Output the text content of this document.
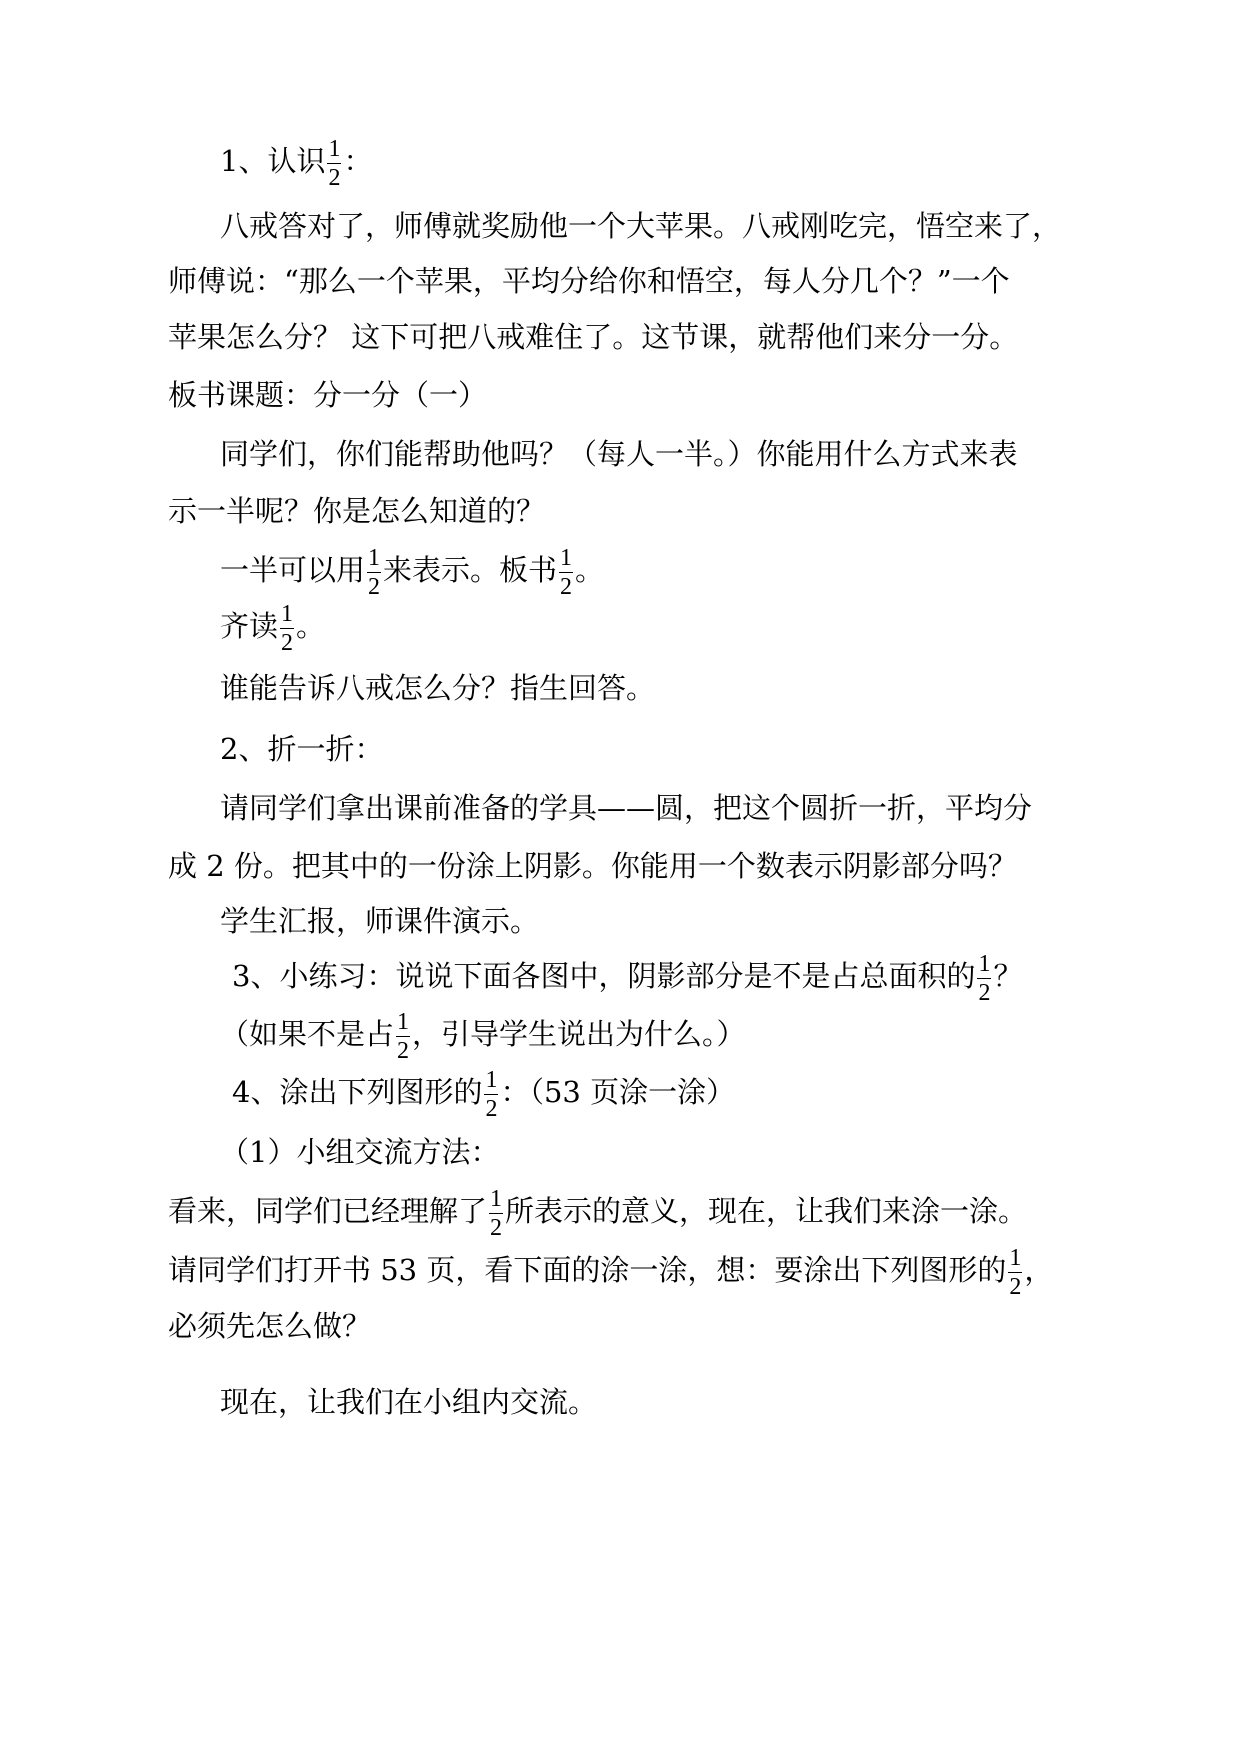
1、认识 $\frac{1}{2}$ ：
八戒答对了，师傅就奖励他一个大苹果。八戒刚吃完，悟空来了，
师傅说：“那么一个苹果，平均分给你和悟空，每人分几个？”一个
苹果怎么分？ 这下可把八戒难住了。这节课，就帮他们来分一分。
板书课题：分一分（一）
同学们，你们能帮助他吗？（每人一半。）你能用什么方式来表
示一半呢？你是怎么知道的？
一半可以用 $\frac{1}{2}$ 来表示。板书 $\frac{1}{2}$ 。
齐读 $\frac{1}{2}$ 。
谁能告诉八戒怎么分？指生回答。
2、折一折：
请同学们拿出课前准备的学具——圆，把这个圆折一折，平均分
成 2 份。把其中的一份涂上阴影。你能用一个数表示阴影部分吗？
学生汇报，师课件演示。
3、小练习：说说下面各图中，阴影部分是不是占总面积的 $\frac{1}{2}$ ？
（如果不是占 $\frac{1}{2}$ ，引导学生说出为什么。）
4、涂出下列图形的 $\frac{1}{2}$ ：（53 页涂一涂）
（1）小组交流方法：
看来，同学们已经理解了 $\frac{1}{2}$ 所表示的意义，现在，让我们来涂一涂。
请同学们打开书 53 页，看下面的涂一涂，想：要涂出下列图形的 $\frac{1}{2}$ ，
必须先怎么做？
现在，让我们在小组内交流。
